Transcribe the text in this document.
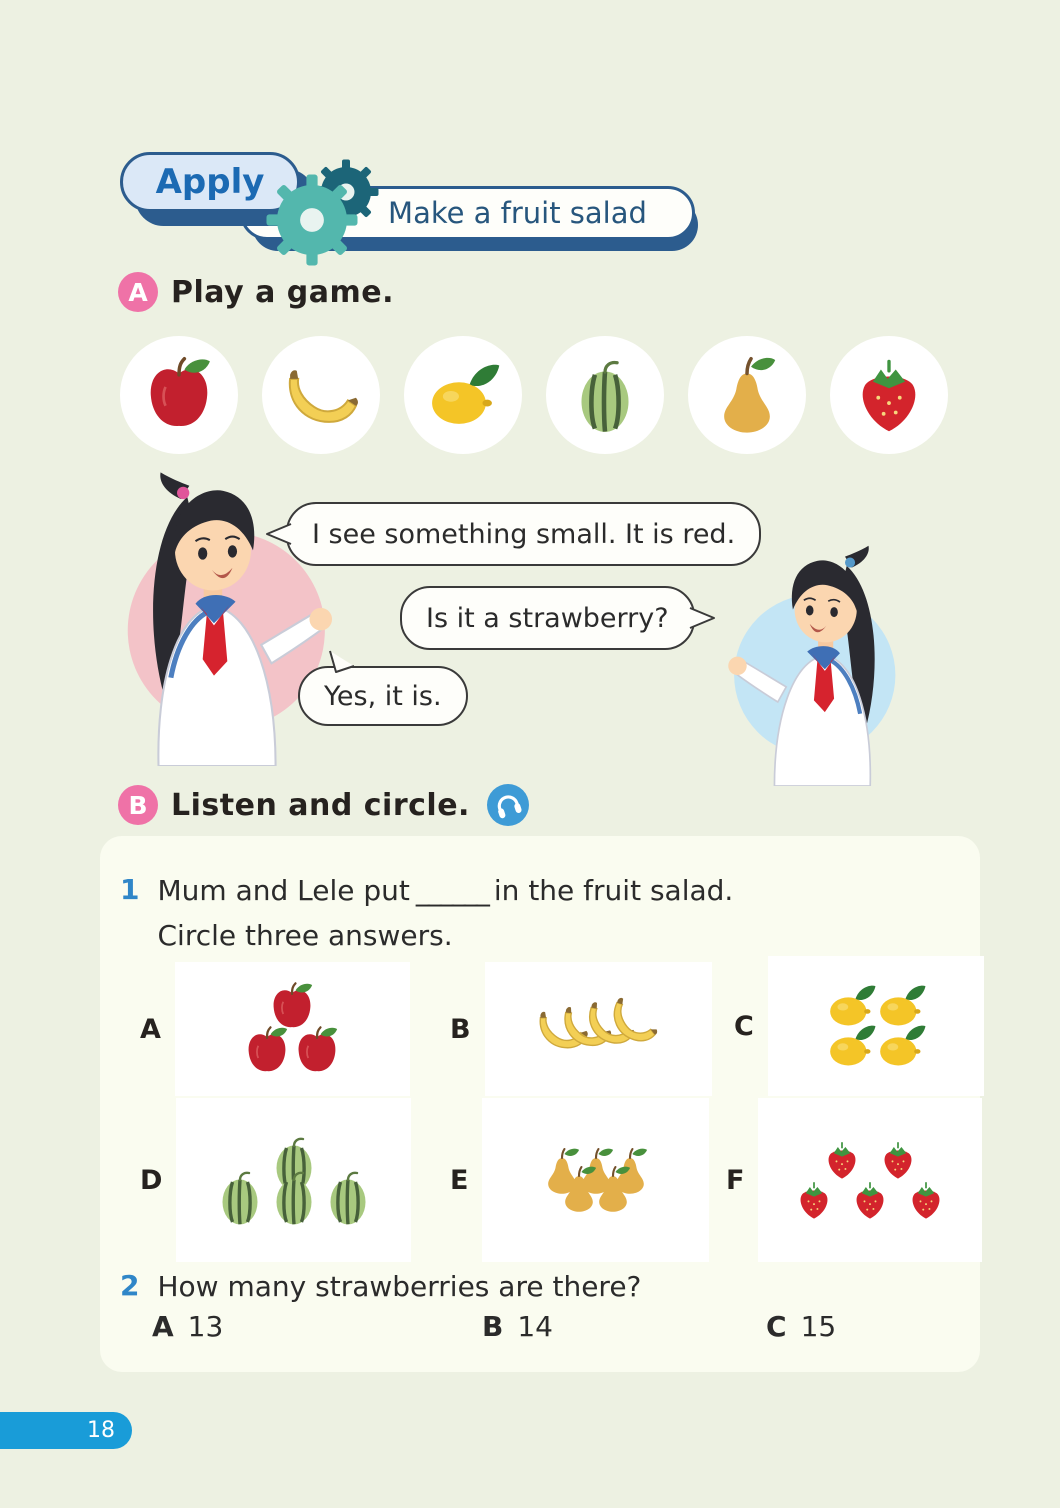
Make a fruit salad
Apply
A Play a game.
I see something small. It is red.
Is it a strawberry?
Yes, it is.
B Listen and circle.
1 Mum and Lele put ______ in the fruit salad.
Circle three answers.
A	B	C
D	E	F
2 How many strawberries are there?
A 13	B 14	C 15
18
